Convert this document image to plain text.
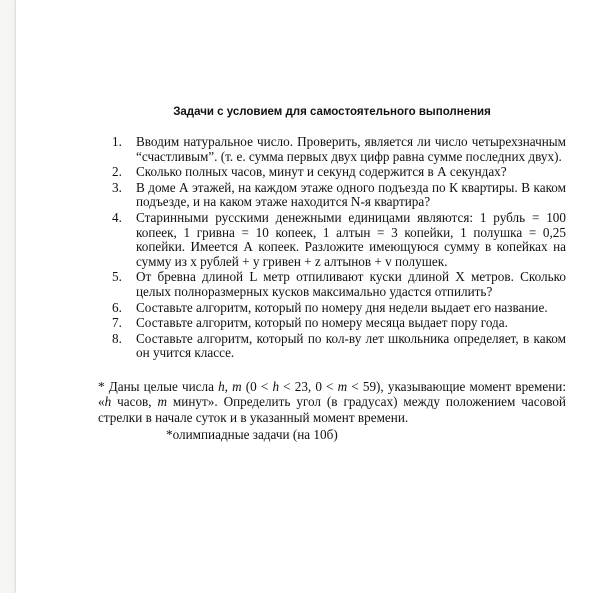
Задачи с условием для самостоятельного выполнения
1.	Вводим натуральное число. Проверить, является ли число четырехзначным “счастливым”. (т. е. сумма первых двух цифр равна сумме последних двух).
2.	Сколько полных часов, минут и секунд содержится в А секундах?
3.	В доме А этажей, на каждом этаже одного подъезда по К квартиры. В каком подъезде, и на каком этаже находится N-я квартира?
4.	Старинными русскими денежными единицами являются: 1 рубль = 100 копеек, 1 гривна = 10 копеек, 1 алтын = 3 копейки, 1 полушка = 0,25 копейки. Имеется А копеек. Разложите имеющуюся сумму в копейках на сумму из x рублей + y гривен + z алтынов + v полушек.
5.	От бревна длиной L метр отпиливают куски длиной X метров. Сколько целых полноразмерных кусков максимально удастся отпилить?
6.	Составьте алгоритм, который по номеру дня недели выдает его название.
7.	Составьте алгоритм, который по номеру месяца выдает пору года.
8.	Составьте алгоритм, который по кол-ву лет школьника определяет, в каком он учится классе.

* Даны целые числа h, m (0 < h < 23, 0 < m < 59), указывающие момент времени: «h часов, m минут». Определить угол (в градусах) между положением часовой стрелки в начале суток и в указанный момент времени.

*олимпиадные задачи (на 10б)
